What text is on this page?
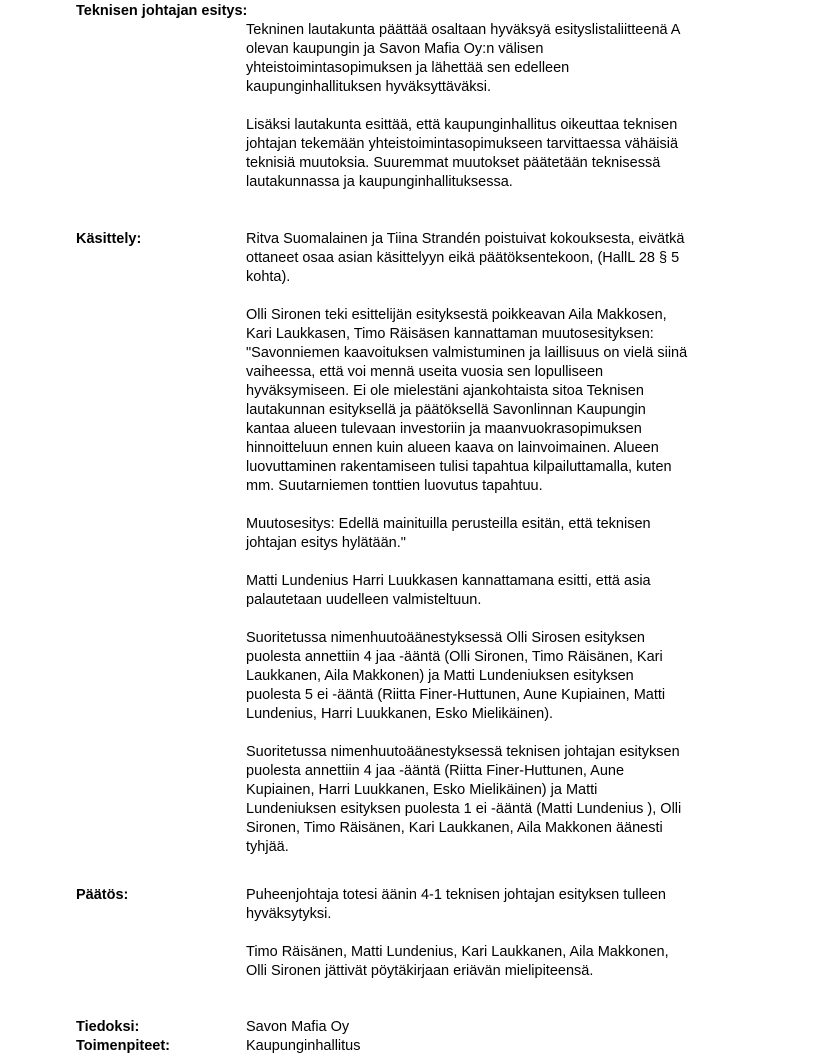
Teknisen johtajan esitys:

Tekninen lautakunta päättää osaltaan hyväksyä esityslistaliitteenä A
olevan kaupungin ja Savon Mafia Oy:n välisen
yhteistoimintasopimuksen ja lähettää sen edelleen
kaupunginhallituksen hyväksyttäväksi.

Lisäksi lautakunta esittää, että kaupunginhallitus oikeuttaa teknisen
johtajan tekemään yhteistoimintasopimukseen tarvittaessa vähäisiä
teknisiä muutoksia. Suuremmat muutokset päätetään teknisessä
lautakunnassa ja kaupunginhallituksessa.

Käsittely:	Ritva Suomalainen ja Tiina Strandén poistuivat kokouksesta, eivätkä
ottaneet osaa asian käsittelyyn eikä päätöksentekoon, (HallL 28 § 5
kohta).

Olli Sironen teki esittelijän esityksestä poikkeavan Aila Makkosen,
Kari Laukkasen, Timo Räisäsen kannattaman muutosesityksen:
"Savonniemen kaavoituksen valmistuminen ja laillisuus on vielä siinä
vaiheessa, että voi mennä useita vuosia sen lopulliseen
hyväksymiseen. Ei ole mielestäni ajankohtaista sitoa Teknisen
lautakunnan esityksellä ja päätöksellä Savonlinnan Kaupungin
kantaa alueen tulevaan investoriin ja maanvuokrasopimuksen
hinnoitteluun ennen kuin alueen kaava on lainvoimainen. Alueen
luovuttaminen rakentamiseen tulisi tapahtua kilpailuttamalla, kuten
mm. Suutarniemen tonttien luovutus tapahtuu.

Muutosesitys: Edellä mainituilla perusteilla esitän, että teknisen
johtajan esitys hylätään."

Matti Lundenius Harri Luukkasen kannattamana esitti, että asia
palautetaan uudelleen valmisteltuun.

Suoritetussa nimenhuutoäänestyksessä Olli Sirosen esityksen
puolesta annettiin 4 jaa -ääntä (Olli Sironen, Timo Räisänen, Kari
Laukkanen, Aila Makkonen) ja Matti Lundeniuksen esityksen
puolesta 5 ei -ääntä (Riitta Finer-Huttunen, Aune Kupiainen, Matti
Lundenius, Harri Luukkanen, Esko Mielikäinen).

Suoritetussa nimenhuutoäänestyksessä teknisen johtajan esityksen
puolesta annettiin 4 jaa -ääntä (Riitta Finer-Huttunen, Aune
Kupiainen, Harri Luukkanen, Esko Mielikäinen) ja Matti
Lundeniuksen esityksen puolesta 1 ei -ääntä (Matti Lundenius ), Olli
Sironen, Timo Räisänen, Kari Laukkanen, Aila Makkonen äänesti
tyhjää.

Päätös:	Puheenjohtaja totesi äänin 4-1 teknisen johtajan esityksen tulleen
hyväksytyksi.

Timo Räisänen, Matti Lundenius, Kari Laukkanen, Aila Makkonen,
Olli Sironen jättivät pöytäkirjaan eriävän mielipiteensä.

Tiedoksi:	Savon Mafia Oy
Toimenpiteet:	Kaupunginhallitus
